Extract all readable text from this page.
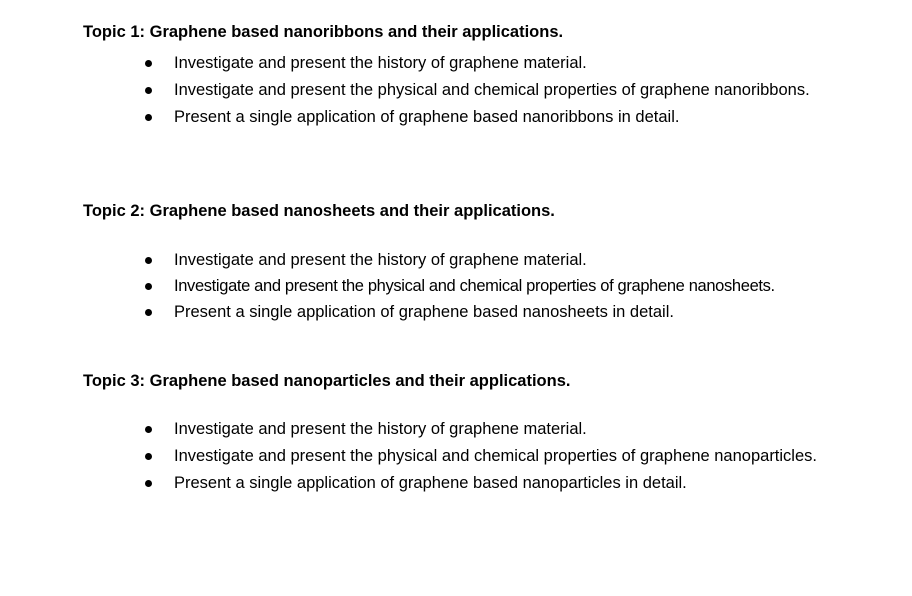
Topic 1: Graphene based nanoribbons and their applications.

Investigate and present the history of graphene material.
Investigate and present the physical and chemical properties of graphene nanoribbons.
Present a single application of graphene based nanoribbons in detail.

Topic 2: Graphene based nanosheets and their applications.

Investigate and present the history of graphene material.
Investigate and present the physical and chemical properties of graphene nanosheets.
Present a single application of graphene based nanosheets in detail.

Topic 3: Graphene based nanoparticles and their applications.

Investigate and present the history of graphene material.
Investigate and present the physical and chemical properties of graphene nanoparticles.
Present a single application of graphene based nanoparticles in detail.
